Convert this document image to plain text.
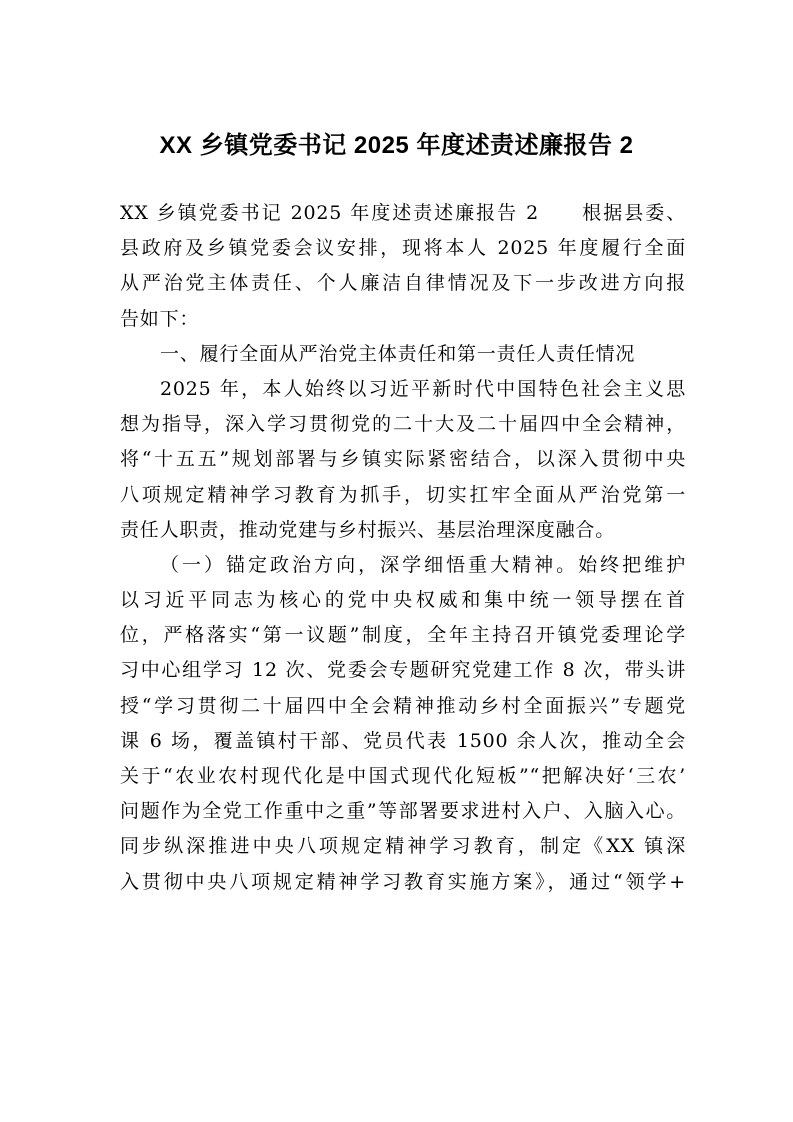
XX 乡镇党委书记 2025 年度述责述廉报告 2
XX 乡镇党委书记 2025 年度述责述廉报告 2　　根据县委、
县政府及乡镇党委会议安排，现将本人 2025 年度履行全面
从严治党主体责任、个人廉洁自律情况及下一步改进方向报
告如下：
一、履行全面从严治党主体责任和第一责任人责任情况
2025 年，本人始终以习近平新时代中国特色社会主义思
想为指导，深入学习贯彻党的二十大及二十届四中全会精神，
将“十五五”规划部署与乡镇实际紧密结合，以深入贯彻中央
八项规定精神学习教育为抓手，切实扛牢全面从严治党第一
责任人职责，推动党建与乡村振兴、基层治理深度融合。
（一）锚定政治方向，深学细悟重大精神。始终把维护
以习近平同志为核心的党中央权威和集中统一领导摆在首
位，严格落实“第一议题”制度，全年主持召开镇党委理论学
习中心组学习 12 次、党委会专题研究党建工作 8 次，带头讲
授“学习贯彻二十届四中全会精神推动乡村全面振兴”专题党
课 6 场，覆盖镇村干部、党员代表 1500 余人次，推动全会
关于“农业农村现代化是中国式现代化短板”“把解决好‘三农’
问题作为全党工作重中之重”等部署要求进村入户、入脑入心。
同步纵深推进中央八项规定精神学习教育，制定《XX 镇深
入贯彻中央八项规定精神学习教育实施方案》，通过“领学+
